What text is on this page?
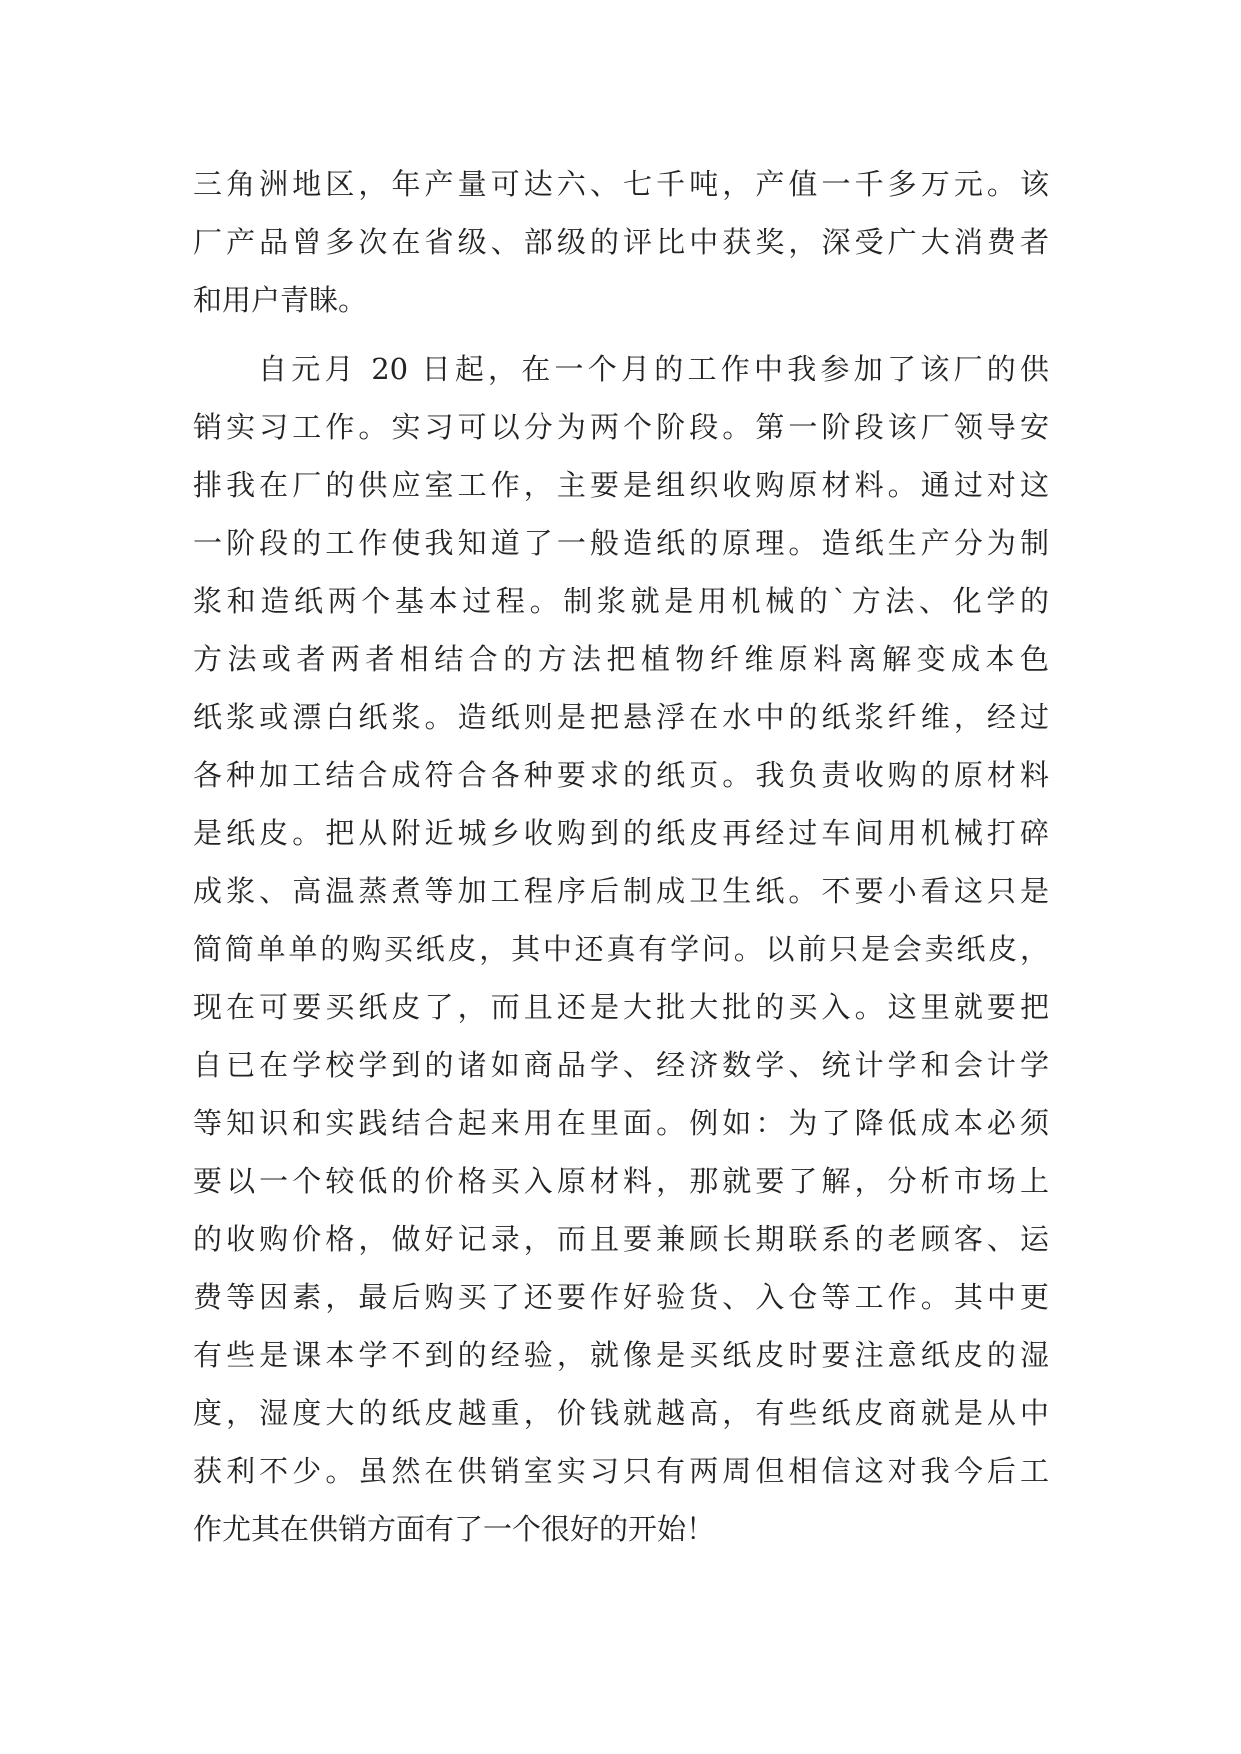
三角洲地区，年产量可达六、七千吨，产值一千多万元。该
厂产品曾多次在省级、部级的评比中获奖，深受广大消费者
和用户青睐。
自元月 20 日起，在一个月的工作中我参加了该厂的供
销实习工作。实习可以分为两个阶段。第一阶段该厂领导安
排我在厂的供应室工作，主要是组织收购原材料。通过对这
一阶段的工作使我知道了一般造纸的原理。造纸生产分为制
浆和造纸两个基本过程。制浆就是用机械的`方法、化学的
方法或者两者相结合的方法把植物纤维原料离解变成本色
纸浆或漂白纸浆。造纸则是把悬浮在水中的纸浆纤维，经过
各种加工结合成符合各种要求的纸页。我负责收购的原材料
是纸皮。把从附近城乡收购到的纸皮再经过车间用机械打碎
成浆、高温蒸煮等加工程序后制成卫生纸。不要小看这只是
简简单单的购买纸皮，其中还真有学问。以前只是会卖纸皮，
现在可要买纸皮了，而且还是大批大批的买入。这里就要把
自已在学校学到的诸如商品学、经济数学、统计学和会计学
等知识和实践结合起来用在里面。例如：为了降低成本必须
要以一个较低的价格买入原材料，那就要了解，分析市场上
的收购价格，做好记录，而且要兼顾长期联系的老顾客、运
费等因素，最后购买了还要作好验货、入仓等工作。其中更
有些是课本学不到的经验，就像是买纸皮时要注意纸皮的湿
度，湿度大的纸皮越重，价钱就越高，有些纸皮商就是从中
获利不少。虽然在供销室实习只有两周但相信这对我今后工
作尤其在供销方面有了一个很好的开始！
